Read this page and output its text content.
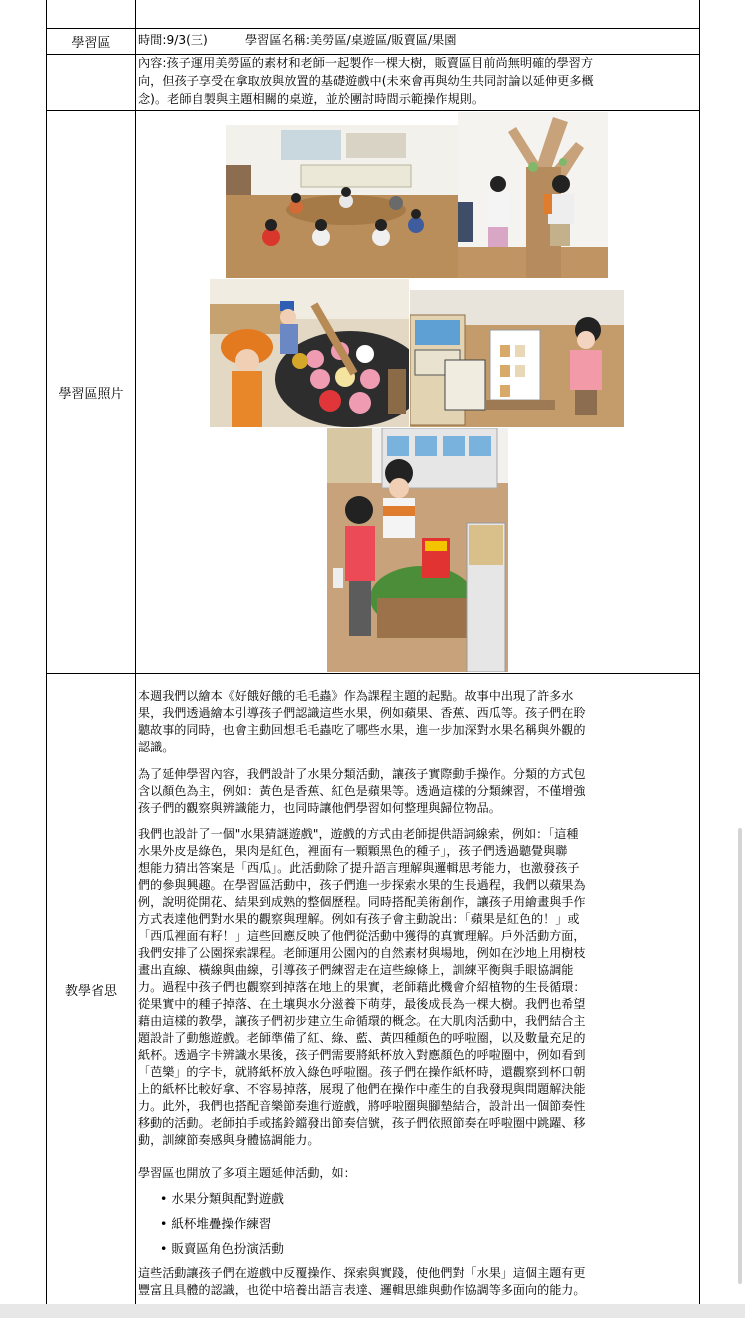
學習區	時間:9/3(三)	學習區名稱:美勞區/桌遊區/販賣區/果園
內容:孩子運用美勞區的素材和老師一起製作一棵大樹，販賣區目前尚無明確的學習方
向，但孩子享受在拿取放與放置的基礎遊戲中(未來會再與幼生共同討論以延伸更多概
念)。老師自製與主題相關的桌遊，並於團討時間示範操作規則。
學習區照片
教學省思
本週我們以繪本《好餓好餓的毛毛蟲》作為課程主題的起點。故事中出現了許多水
果，我們透過繪本引導孩子們認識這些水果，例如蘋果、香蕉、西瓜等。孩子們在聆
聽故事的同時，也會主動回想毛毛蟲吃了哪些水果，進一步加深對水果名稱與外觀的
認識。
為了延伸學習內容，我們設計了水果分類活動，讓孩子實際動手操作。分類的方式包
含以顏色為主，例如：黃色是香蕉、紅色是蘋果等。透過這樣的分類練習，不僅增強
孩子們的觀察與辨識能力，也同時讓他們學習如何整理與歸位物品。
我們也設計了一個"水果猜謎遊戲"，遊戲的方式由老師提供語詞線索，例如：「這種
水果外皮是綠色，果肉是紅色，裡面有一顆顆黑色的種子」，孩子們透過聽覺與聯
想能力猜出答案是「西瓜」。此活動除了提升語言理解與邏輯思考能力，也激發孩子
們的參與興趣。在學習區活動中，孩子們進一步探索水果的生長過程，我們以蘋果為
例，說明從開花、結果到成熟的整個歷程。同時搭配美術創作，讓孩子用繪畫與手作
方式表達他們對水果的觀察與理解。例如有孩子會主動說出：「蘋果是紅色的！」或
「西瓜裡面有籽！」這些回應反映了他們從活動中獲得的真實理解。戶外活動方面，
我們安排了公園探索課程。老師運用公園內的自然素材與場地，例如在沙地上用樹枝
畫出直線、橫線與曲線，引導孩子們練習走在這些線條上，訓練平衡與手眼協調能
力。過程中孩子們也觀察到掉落在地上的果實，老師藉此機會介紹植物的生長循環：
從果實中的種子掉落、在土壤與水分滋養下萌芽，最後成長為一棵大樹。我們也希望
藉由這樣的教學，讓孩子們初步建立生命循環的概念。在大肌肉活動中，我們結合主
題設計了動態遊戲。老師準備了紅、綠、藍、黃四種顏色的呼啦圈，以及數量充足的
紙杯。透過字卡辨識水果後，孩子們需要將紙杯放入對應顏色的呼啦圈中，例如看到
「芭樂」的字卡，就將紙杯放入綠色呼啦圈。孩子們在操作紙杯時，還觀察到杯口朝
上的紙杯比較好拿、不容易掉落，展現了他們在操作中產生的自我發現與問題解決能
力。此外，我們也搭配音樂節奏進行遊戲，將呼啦圈與腳墊結合，設計出一個節奏性
移動的活動。老師拍手或搖鈴鐺發出節奏信號，孩子們依照節奏在呼啦圈中跳躍、移
動，訓練節奏感與身體協調能力。
學習區也開放了多項主題延伸活動，如：
• 水果分類與配對遊戲
• 紙杯堆疊操作練習
• 販賣區角色扮演活動
這些活動讓孩子們在遊戲中反覆操作、探索與實踐，使他們對「水果」這個主題有更
豐富且具體的認識，也從中培養出語言表達、邏輯思維與動作協調等多面向的能力。
